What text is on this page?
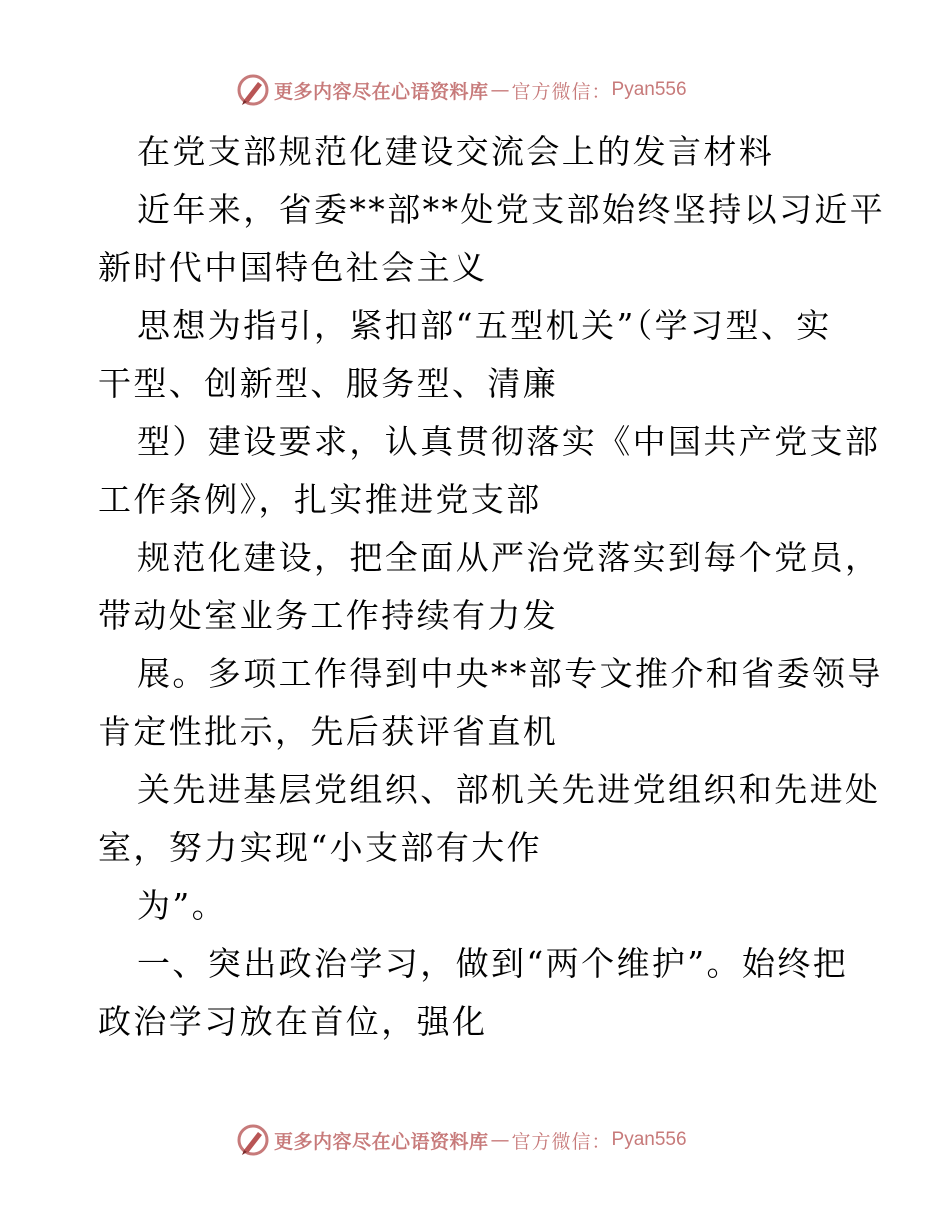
更多内容尽在心语资料库 — 官方微信： Pyan556
在党支部规范化建设交流会上的发言材料
近年来，省委**部**处党支部始终坚持以习近平
新时代中国特色社会主义
思想为指引，紧扣部“五型机关”（学习型、实
干型、创新型、服务型、清廉
型）建设要求，认真贯彻落实《中国共产党支部
工作条例》，扎实推进党支部
规范化建设，把全面从严治党落实到每个党员，
带动处室业务工作持续有力发
展。多项工作得到中央**部专文推介和省委领导
肯定性批示，先后获评省直机
关先进基层党组织、部机关先进党组织和先进处
室，努力实现“小支部有大作
为”。
一、突出政治学习，做到“两个维护”。始终把
政治学习放在首位，强化
更多内容尽在心语资料库 — 官方微信： Pyan556
